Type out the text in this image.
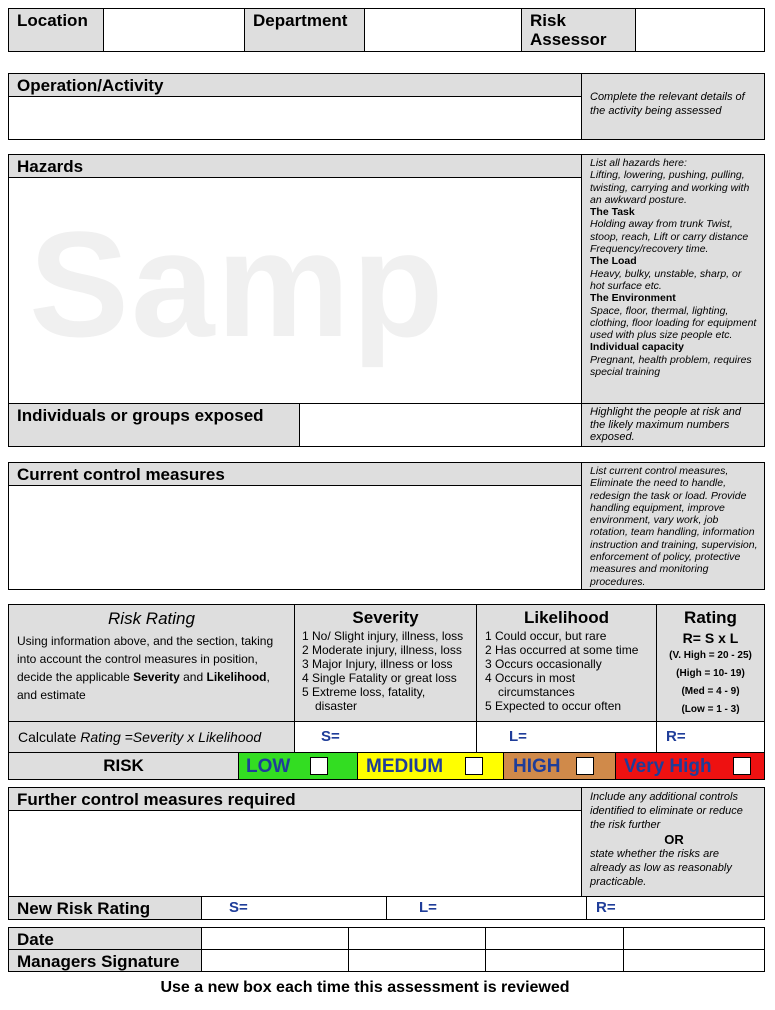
Location	Department	Risk
Assessor
Operation/Activity
Complete the relevant details of the activity being assessed
Hazards
Samp
List all hazards here:
Lifting, lowering, pushing, pulling, twisting, carrying and working with an awkward posture.
The Task
Holding away from trunk Twist, stoop, reach, Lift or carry distance Frequency/recovery time.
The Load
Heavy, bulky, unstable, sharp, or hot surface etc.
The Environment
Space, floor, thermal, lighting, clothing, floor loading for equipment used with plus size people etc.
Individual capacity
Pregnant, health problem, requires special training
Individuals or groups exposed	Highlight the people at risk and the likely maximum numbers exposed.
Current control measures	List current control measures, Eliminate the need to handle, redesign the task or load. Provide handling equipment, improve environment, vary work, job rotation, team handling, information instruction and training, supervision, enforcement of policy, protective measures and monitoring procedures.
Risk Rating
Using information above, and the section, taking into account the control measures in position, decide the applicable Severity and Likelihood, and estimate
Severity
1 No/ Slight injury, illness, loss
2 Moderate injury, illness, loss
3 Major Injury, illness or loss
4 Single Fatality or great loss
5 Extreme loss, fatality,
disaster
Likelihood
1 Could occur, but rare
2 Has occurred at some time
3 Occurs occasionally
4 Occurs in most
circumstances
5 Expected to occur often
Rating
R= S x L
(V. High = 20 - 25)
(High = 10- 19)
(Med = 4 - 9)
(Low = 1 - 3)
Calculate Rating =Severity x Likelihood	S=	L=	R=
RISK	LOW	MEDIUM	HIGH	Very High
Further control measures required	Include any additional controls identified to eliminate or reduce the risk further
OR
state whether the risks are already as low as reasonably practicable.
New Risk Rating	S=	L=	R=
Date
Managers Signature
Use a new box each time this assessment is reviewed
